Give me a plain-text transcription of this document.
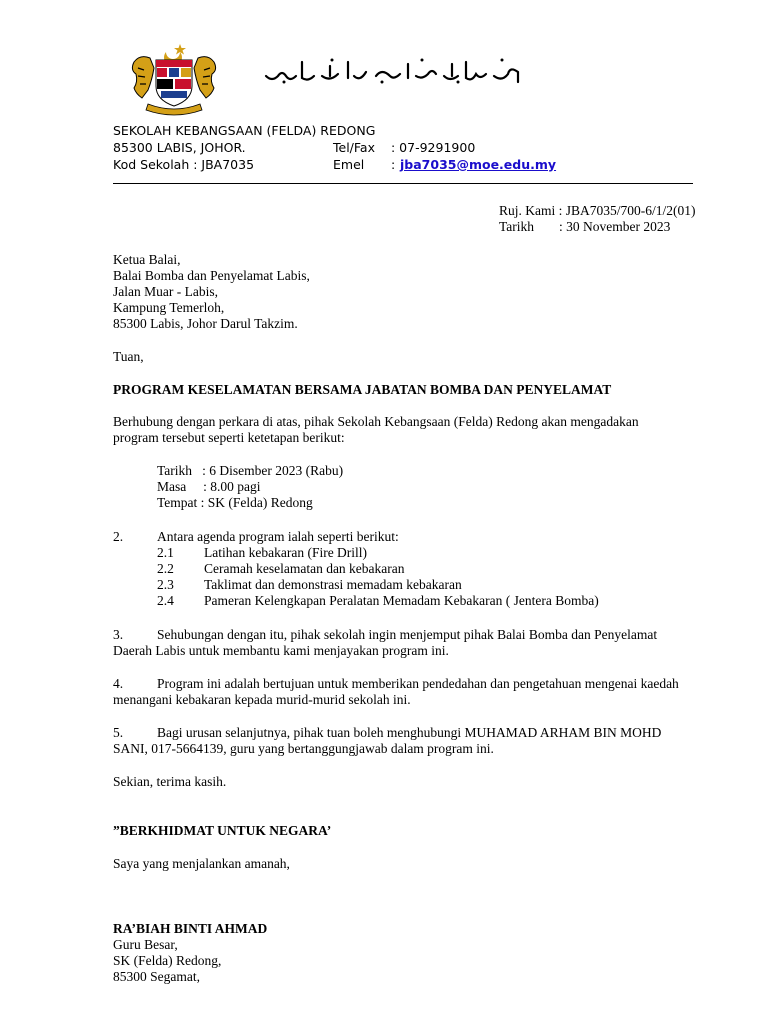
SEKOLAH KEBANGSAAN (FELDA) REDONG
85300 LABIS, JOHOR.	Tel/Fax : 07-9291900
Kod Sekolah : JBA7035	Emel : jba7035@moe.edu.my
Ruj. Kami : JBA7035/700-6/1/2(01)
Tarikh : 30 November 2023
Ketua Balai,
Balai Bomba dan Penyelamat Labis,
Jalan Muar - Labis,
Kampung Temerloh,
85300 Labis, Johor Darul Takzim.
Tuan,
PROGRAM KESELAMATAN BERSAMA JABATAN BOMBA DAN PENYELAMAT
Berhubung dengan perkara di atas, pihak Sekolah Kebangsaan (Felda) Redong akan mengadakan
program tersebut seperti ketetapan berikut:
Tarikh   : 6 Disember 2023 (Rabu)
Masa     : 8.00 pagi
Tempat : SK (Felda) Redong
2.	Antara agenda program ialah seperti berikut:
2.1 Latihan kebakaran (Fire Drill)
2.2 Ceramah keselamatan dan kebakaran
2.3 Taklimat dan demonstrasi memadam kebakaran
2.4 Pameran Kelengkapan Peralatan Memadam Kebakaran ( Jentera Bomba)
3.	Sehubungan dengan itu, pihak sekolah ingin menjemput pihak Balai Bomba dan Penyelamat
Daerah Labis untuk membantu kami menjayakan program ini.
4.	Program ini adalah bertujuan untuk memberikan pendedahan dan pengetahuan mengenai kaedah
menangani kebakaran kepada murid-murid sekolah ini.
5.	Bagi urusan selanjutnya, pihak tuan boleh menghubungi MUHAMAD ARHAM BIN MOHD
SANI, 017-5664139, guru yang bertanggungjawab dalam program ini.
Sekian, terima kasih.
”BERKHIDMAT UNTUK NEGARA’
Saya yang menjalankan amanah,
RA’BIAH BINTI AHMAD
Guru Besar,
SK (Felda) Redong,
85300 Segamat,
